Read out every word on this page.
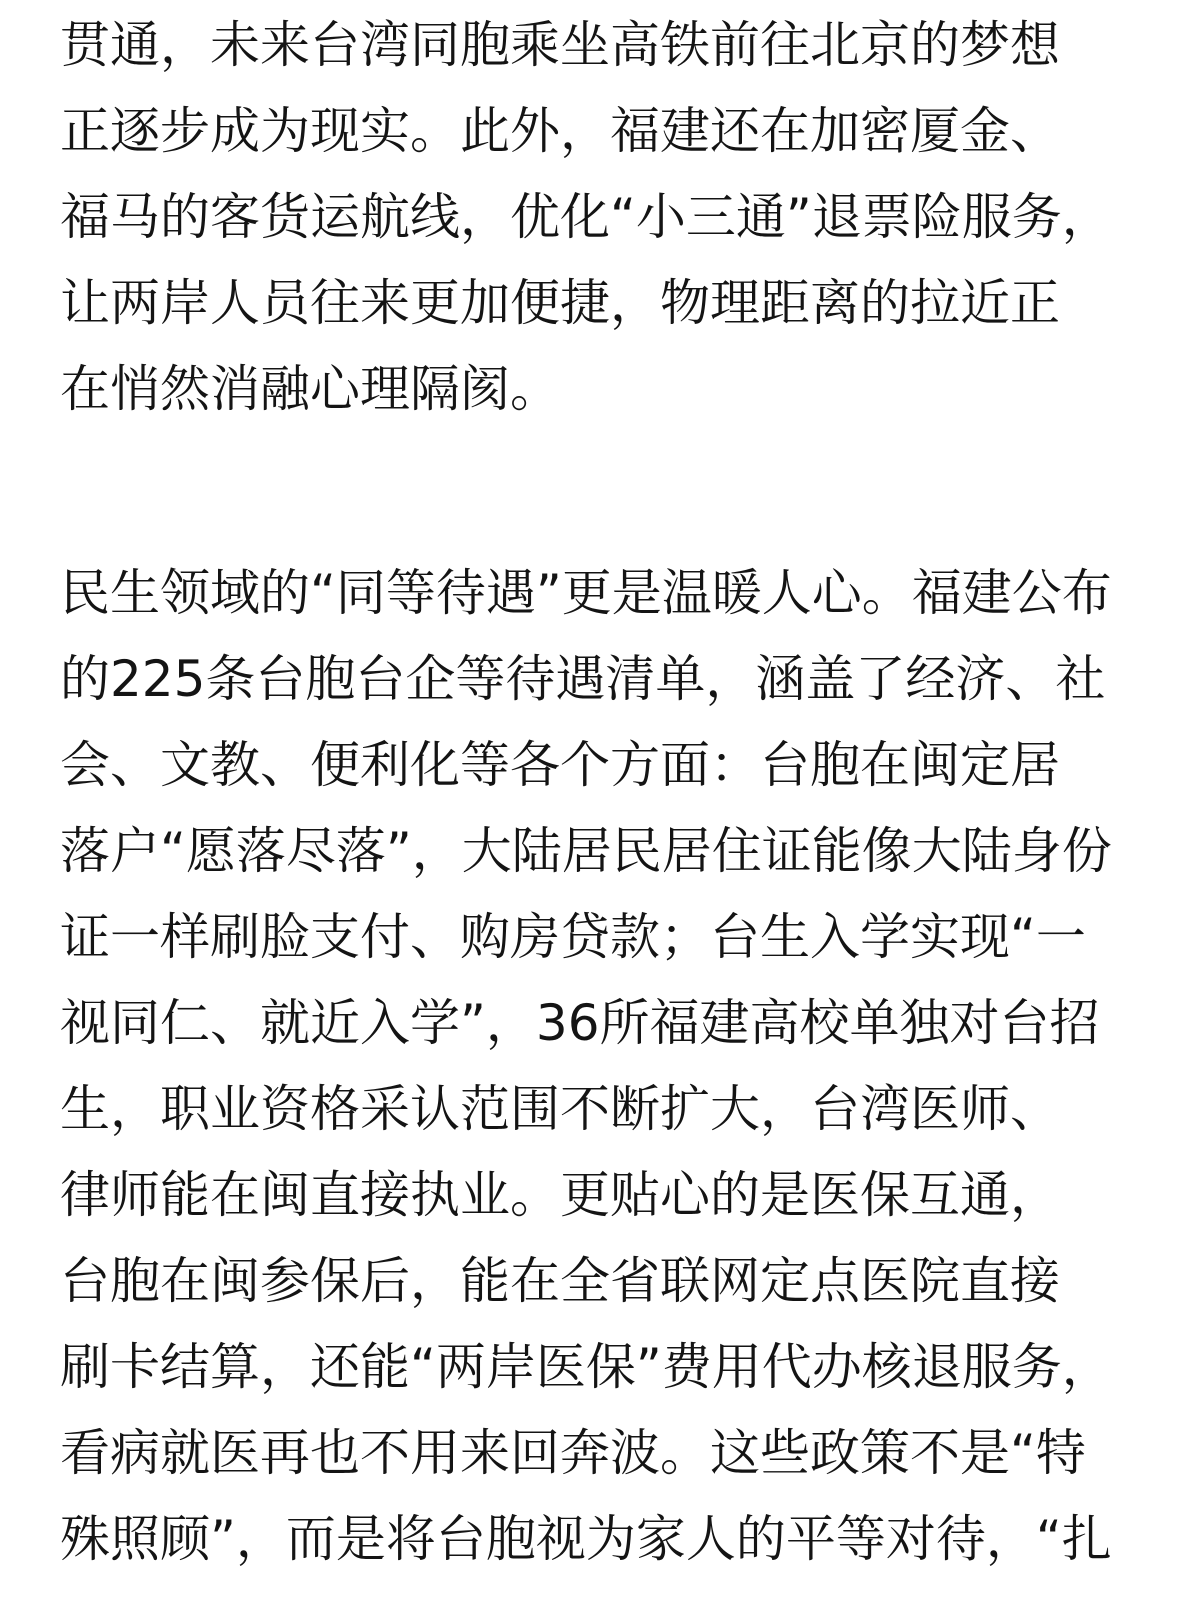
贯通，未来台湾同胞乘坐高铁前往北京的梦想

正逐步成为现实。此外，福建还在加密厦金、

福马的客货运航线，优化“小三通”退票险服务，

让两岸人员往来更加便捷，物理距离的拉近正

在悄然消融心理隔阂。

民生领域的“同等待遇”更是温暖人心。福建公布

的225条台胞台企等待遇清单，涵盖了经济、社

会、文教、便利化等各个方面：台胞在闽定居

落户“愿落尽落”，大陆居民居住证能像大陆身份

证一样刷脸支付、购房贷款；台生入学实现“一

视同仁、就近入学”，36所福建高校单独对台招

生，职业资格采认范围不断扩大，台湾医师、

律师能在闽直接执业。更贴心的是医保互通，

台胞在闽参保后，能在全省联网定点医院直接

刷卡结算，还能“两岸医保”费用代办核退服务，

看病就医再也不用来回奔波。这些政策不是“特

殊照顾”，而是将台胞视为家人的平等对待，“扎
